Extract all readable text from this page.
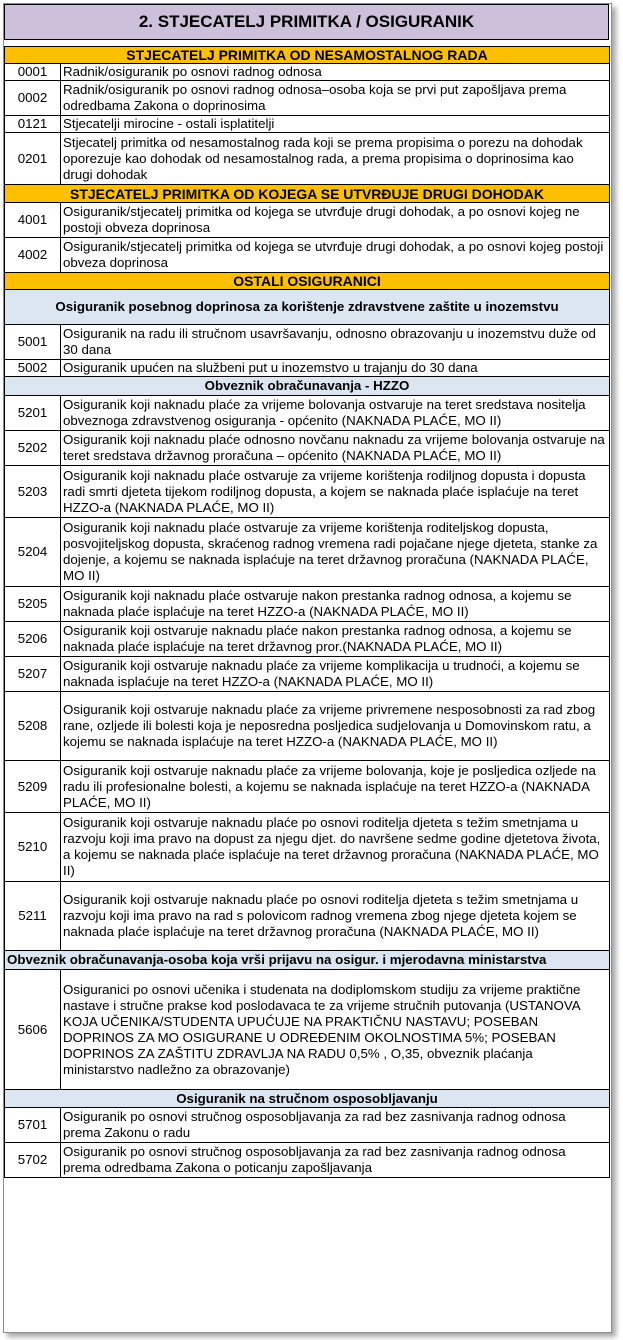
2. STJECATELJ PRIMITKA / OSIGURANIK
STJECATELJ PRIMITKA OD NESAMOSTALNOG RADA	
0001	Radnik/osiguranik po osnovi radnog odnosa
0002	Radnik/osiguranik po osnovi radnog odnosa–osoba koja se prvi put zapošljava prema odredbama Zakona o doprinosima
0121	Stjecatelji mirocine - ostali isplatitelji
0201	Stjecatelj primitka od nesamostalnog rada koji se prema propisima o porezu na dohodak oporezuje kao dohodak od nesamostalnog rada, a prema propisima o doprinosima kao drugi dohodak
STJECATELJ PRIMITKA OD KOJEGA SE UTVRĐUJE DRUGI DOHODAK	
4001	Osiguranik/stjecatelj primitka od kojega se utvrđuje drugi dohodak, a po osnovi kojeg ne postoji obveza doprinosa
4002	Osiguranik/stjecatelj primitka od kojega se utvrđuje drugi dohodak, a po osnovi kojeg postoji obveza doprinosa
OSTALI OSIGURANICI	
Osiguranik posebnog doprinosa za korištenje zdravstvene zaštite u inozemstvu	
5001	Osiguranik na radu ili stručnom usavršavanju, odnosno obrazovanju u inozemstvu duže od 30 dana
5002	Osiguranik upućen na službeni put u inozemstvo u trajanju do 30 dana
Obveznik obračunavanja - HZZO	
5201	Osiguranik koji naknadu plaće za vrijeme bolovanja ostvaruje na teret sredstava nositelja obveznoga zdravstvenog osiguranja - općenito (NAKNADA PLAĆE, MO II)
5202	Osiguranik koji naknadu plaće odnosno novčanu naknadu za vrijeme bolovanja ostvaruje na teret sredstava državnog proračuna – općenito (NAKNADA PLAĆE, MO II)
5203	Osiguranik koji naknadu plaće ostvaruje za vrijeme korištenja rodiljnog dopusta i dopusta radi smrti djeteta tijekom rodiljnog dopusta, a kojem se naknada plaće isplaćuje na teret HZZO-a (NAKNADA PLAĆE, MO II)
5204	Osiguranik koji naknadu plaće ostvaruje za vrijeme korištenja roditeljskog dopusta, posvojiteljskog dopusta, skraćenog radnog vremena radi pojačane njege djeteta, stanke za dojenje, a kojemu se naknada isplaćuje na teret državnog proračuna (NAKNADA PLAĆE, MO II)
5205	Osiguranik koji naknadu plaće ostvaruje nakon prestanka radnog odnosa, a kojemu se naknada plaće isplaćuje na teret HZZO-a (NAKNADA PLAĆE, MO II)
5206	Osiguranik koji ostvaruje naknadu plaće nakon prestanka radnog odnosa, a kojemu se naknada plaće isplaćuje na teret državnog pror.(NAKNADA PLAĆE, MO II)
5207	Osiguranik koji ostvaruje naknadu plaće za vrijeme komplikacija u trudnoći, a kojemu se naknada isplaćuje na teret HZZO-a (NAKNADA PLAĆE, MO II)
5208	Osiguranik koji ostvaruje naknadu plaće za vrijeme privremene nesposobnosti za rad zbog rane, ozljede ili bolesti koja je neposredna posljedica sudjelovanja u Domovinskom ratu, a kojemu se naknada isplaćuje na teret HZZO-a (NAKNADA PLAĆE, MO II)
5209	Osiguranik koji ostvaruje naknadu plaće za vrijeme bolovanja, koje je posljedica ozljede na radu ili profesionalne bolesti, a kojemu se naknada isplaćuje na teret HZZO-a (NAKNADA PLAĆE, MO II)
5210	Osiguranik koji ostvaruje naknadu plaće po osnovi roditelja djeteta s težim smetnjama u razvoju koji ima pravo na dopust za njegu djet. do navršene sedme godine djetetova života, a kojemu se naknada plaće isplaćuje na teret državnog proračuna (NAKNADA PLAĆE, MO II)
5211	Osiguranik koji ostvaruje naknadu plaće po osnovi roditelja djeteta s težim smetnjama u razvoju koji ima pravo na rad s polovicom radnog vremena zbog njege djeteta kojem se naknada plaće isplaćuje na teret državnog proračuna (NAKNADA PLAĆE, MO II)
Obveznik obračunavanja-osoba koja vrši prijavu na osigur. i mjerodavna ministarstva	
5606	Osiguranici po osnovi učenika i studenata na dodiplomskom studiju za vrijeme praktične nastave i stručne prakse kod poslodavaca te za vrijeme stručnih putovanja (USTANOVA KOJA UČENIKA/STUDENTA UPUĆUJE NA PRAKTIČNU NASTAVU; POSEBAN DOPRINOS ZA MO OSIGURANE U ODREĐENIM OKOLNOSTIMA 5%; POSEBAN DOPRINOS ZA ZAŠTITU ZDRAVLJA NA RADU 0,5% , O,35, obveznik plaćanja ministarstvo nadležno za obrazovanje)
Osiguranik na stručnom osposobljavanju	
5701	Osiguranik po osnovi stručnog osposobljavanja za rad bez zasnivanja radnog odnosa prema Zakonu o radu
5702	Osiguranik po osnovi stručnog osposobljavanja za rad bez zasnivanja radnog odnosa prema odredbama Zakona o poticanju zapošljavanja
